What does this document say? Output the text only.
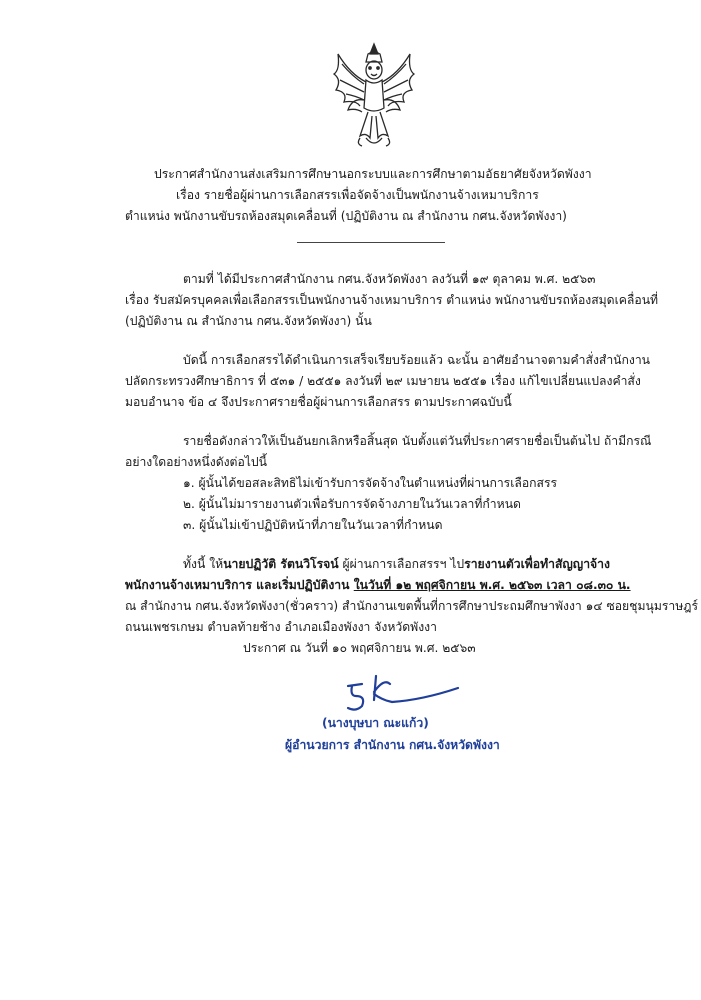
ประกาศสำนักงานส่งเสริมการศึกษานอกระบบและการศึกษาตามอัธยาศัยจังหวัดพังงา
เรื่อง รายชื่อผู้ผ่านการเลือกสรรเพื่อจัดจ้างเป็นพนักงานจ้างเหมาบริการ
ตำแหน่ง พนักงานขับรถห้องสมุดเคลื่อนที่ (ปฏิบัติงาน ณ สำนักงาน กศน.จังหวัดพังงา)
ตามที่ ได้มีประกาศสำนักงาน กศน.จังหวัดพังงา ลงวันที่ ๑๙ ตุลาคม พ.ศ. ๒๕๖๓
เรื่อง รับสมัครบุคคลเพื่อเลือกสรรเป็นพนักงานจ้างเหมาบริการ ตำแหน่ง พนักงานขับรถห้องสมุดเคลื่อนที่
(ปฏิบัติงาน ณ สำนักงาน กศน.จังหวัดพังงา) นั้น
บัดนี้ การเลือกสรรได้ดำเนินการเสร็จเรียบร้อยแล้ว ฉะนั้น อาศัยอำนาจตามคำสั่งสำนักงาน
ปลัดกระทรวงศึกษาธิการ ที่ ๕๓๑ / ๒๕๕๑ ลงวันที่ ๒๙ เมษายน ๒๕๕๑ เรื่อง แก้ไขเปลี่ยนแปลงคำสั่ง
มอบอำนาจ ข้อ ๔ จึงประกาศรายชื่อผู้ผ่านการเลือกสรร ตามประกาศฉบับนี้
รายชื่อดังกล่าวให้เป็นอันยกเลิกหรือสิ้นสุด นับตั้งแต่วันที่ประกาศรายชื่อเป็นต้นไป ถ้ามีกรณี
อย่างใดอย่างหนึ่งดังต่อไปนี้
๑. ผู้นั้นได้ขอสละสิทธิไม่เข้ารับการจัดจ้างในตำแหน่งที่ผ่านการเลือกสรร
๒. ผู้นั้นไม่มารายงานตัวเพื่อรับการจัดจ้างภายในวันเวลาที่กำหนด
๓. ผู้นั้นไม่เข้าปฏิบัติหน้าที่ภายในวันเวลาที่กำหนด
ทั้งนี้ ให้นายปฏิวัติ รัตนวิโรจน์ ผู้ผ่านการเลือกสรรฯ ไปรายงานตัวเพื่อทำสัญญาจ้าง
พนักงานจ้างเหมาบริการ และเริ่มปฏิบัติงาน ในวันที่ ๑๒ พฤศจิกายน พ.ศ. ๒๕๖๓ เวลา ๐๘.๓๐ น.
ณ สำนักงาน กศน.จังหวัดพังงา(ชั่วคราว) สำนักงานเขตพื้นที่การศึกษาประถมศึกษาพังงา ๑๔ ซอยชุมนุมราษฎร์
ถนนเพชรเกษม ตำบลท้ายช้าง อำเภอเมืองพังงา จังหวัดพังงา
ประกาศ ณ วันที่ ๑๐ พฤศจิกายน พ.ศ. ๒๕๖๓
(นางบุษบา ณะแก้ว)
ผู้อำนวยการ สำนักงาน กศน.จังหวัดพังงา
